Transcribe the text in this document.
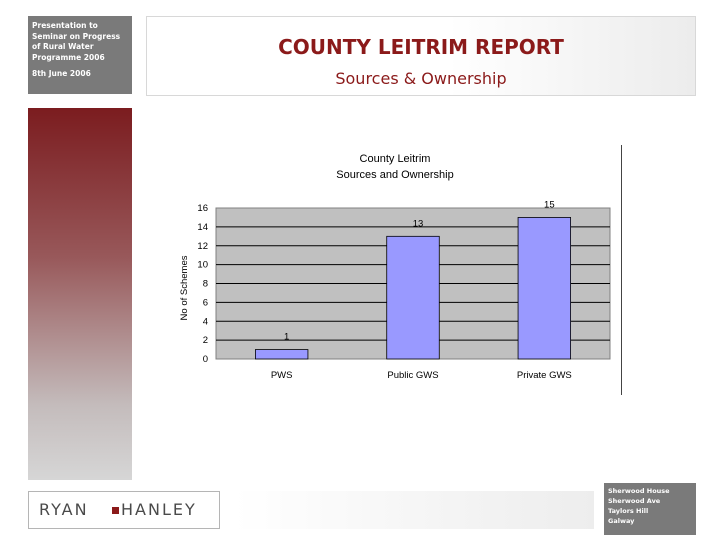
Presentation to
Seminar on Progress
of Rural Water
Programme 2006
8th June 2006
COUNTY LEITRIM REPORT
Sources & Ownership
County Leitrim
Sources and Ownership
No of Schemes
0
2
4
6
8
10
12
14
16
1
PWS
13
Public GWS
15
Private GWS
RYAN HANLEY
Sherwood House
Sherwood Ave
Taylors Hill
Galway
